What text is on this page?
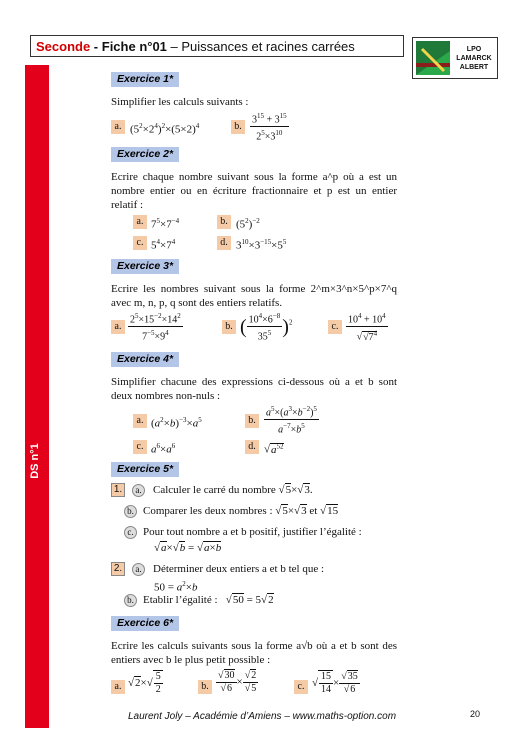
Seconde - Fiche n°01 – Puissances et racines carrées	LPO LAMARCK
ALBERT
DS n°1
Exercice 1*
Simplifier les calculs suivants :
a. $(5^2\times 2^4)^2\times(5\times 2)^4$	b. $\frac{3^{15} + 3^{15}}{2^5\times 3^{10}}$
Exercice 2*
Ecrire chaque nombre suivant sous la forme a^p où a est un nombre entier ou en écriture fractionnaire et p est un entier relatif :
a. $7^5\times 7^{-4}$	b. $(5^2)^{-2}$
c. $5^4\times 7^4$	d. $3^{10}\times 3^{-15}\times 5^5$
Exercice 3*
Ecrire les nombres suivant sous la forme 2^m×3^n×5^p×7^q avec m, n, p, q sont des entiers relatifs.
a. $\frac{2^5\times 15^{-2}\times 14^2}{7^{-5}\times 9^4}$	b. ( $\frac{10^4\times 6^{-8}}{35^5} )^2$	c. $\frac{10^4 + 10^4}{√√7^4}$
Exercice 4*
Simplifier chacune des expressions ci-dessous où a et b sont deux nombres non-nuls :
a. $(a^2\times b)^{-3}\times a^5$	b. $\frac{a^5\times(a^3\times b^{-2})^5}{a^{-7}\times b^5}$
c. $a^6\times a^6$	d. $√a^{52}$
Exercice 5*
1.	a.	Calculer le carré du nombre √5×√3.
b. Comparer les deux nombres : √5×√3 et √15
c. Pour tout nombre a et b positif, justifier l’égalité :
√a×√b = √a×b
2.	a.	Déterminer deux entiers a et b tel que :
$50 = a^2\times b$
b. Etablir l’égalité :   √50 = 5√2
Exercice 6*
Ecrire les calculs suivants sous la forme a√b où a et b sont des entiers avec b le plus petit possible :
a. $√2\times√ \frac{5}{2}$	b. $\frac{√30}{√6} \times \frac{√2}{√5}$	c. √ $\frac{15}{14} \times \frac{√35}{√6}$
Laurent Joly – Académie d’Amiens – www.maths-option.com	20
